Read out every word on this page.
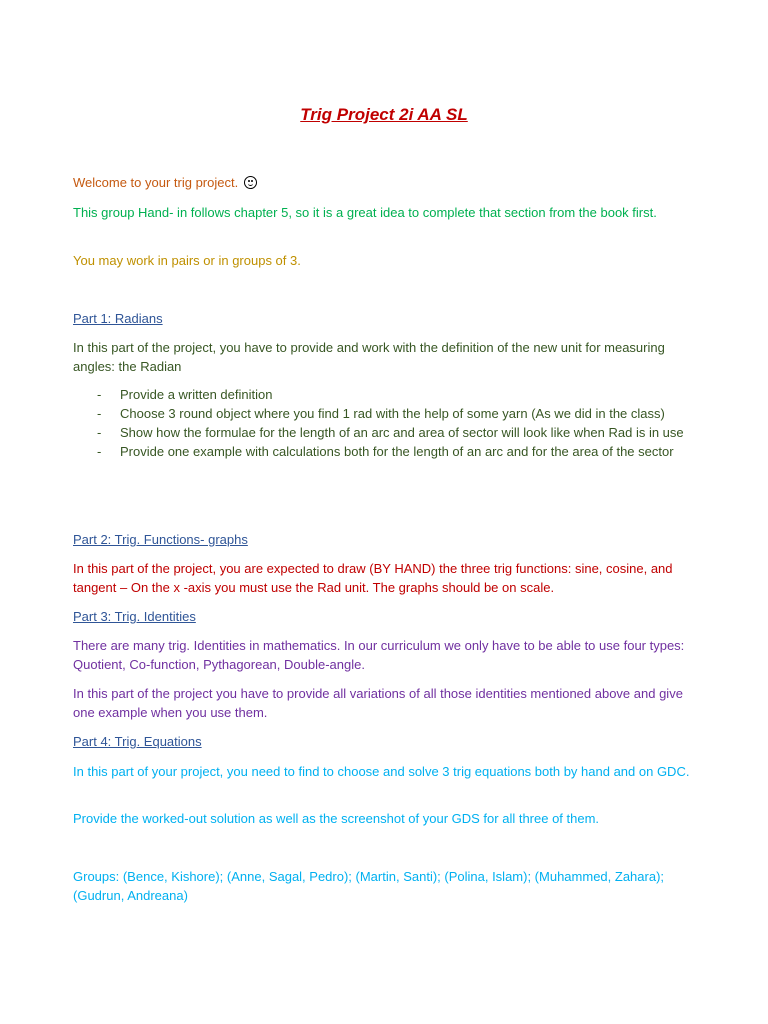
Trig Project 2i AA SL

Welcome to your trig project.

This group Hand- in follows chapter 5, so it is a great idea to complete that section from the book first.

You may work in pairs or in groups of 3.

Part 1: Radians

In this part of the project, you have to provide and work with the definition of the new unit for measuring angles: the Radian

- Provide a written definition
- Choose 3 round object where you find 1 rad with the help of some yarn (As we did in the class)
- Show how the formulae for the length of an arc and area of sector will look like when Rad is in use
- Provide one example with calculations both for the length of an arc and for the area of the sector

Part 2: Trig. Functions- graphs

In this part of the project, you are expected to draw (BY HAND) the three trig functions: sine, cosine, and tangent – On the x -axis you must use the Rad unit. The graphs should be on scale.

Part 3: Trig. Identities

There are many trig. Identities in mathematics. In our curriculum we only have to be able to use four types: Quotient, Co-function, Pythagorean, Double-angle.

In this part of the project you have to provide all variations of all those identities mentioned above and give one example when you use them.

Part 4: Trig. Equations

In this part of your project, you need to find to choose and solve 3 trig equations both by hand and on GDC.

Provide the worked-out solution as well as the screenshot of your GDS for all three of them.

Groups: (Bence, Kishore); (Anne, Sagal, Pedro); (Martin, Santi); (Polina, Islam); (Muhammed, Zahara); (Gudrun, Andreana)
